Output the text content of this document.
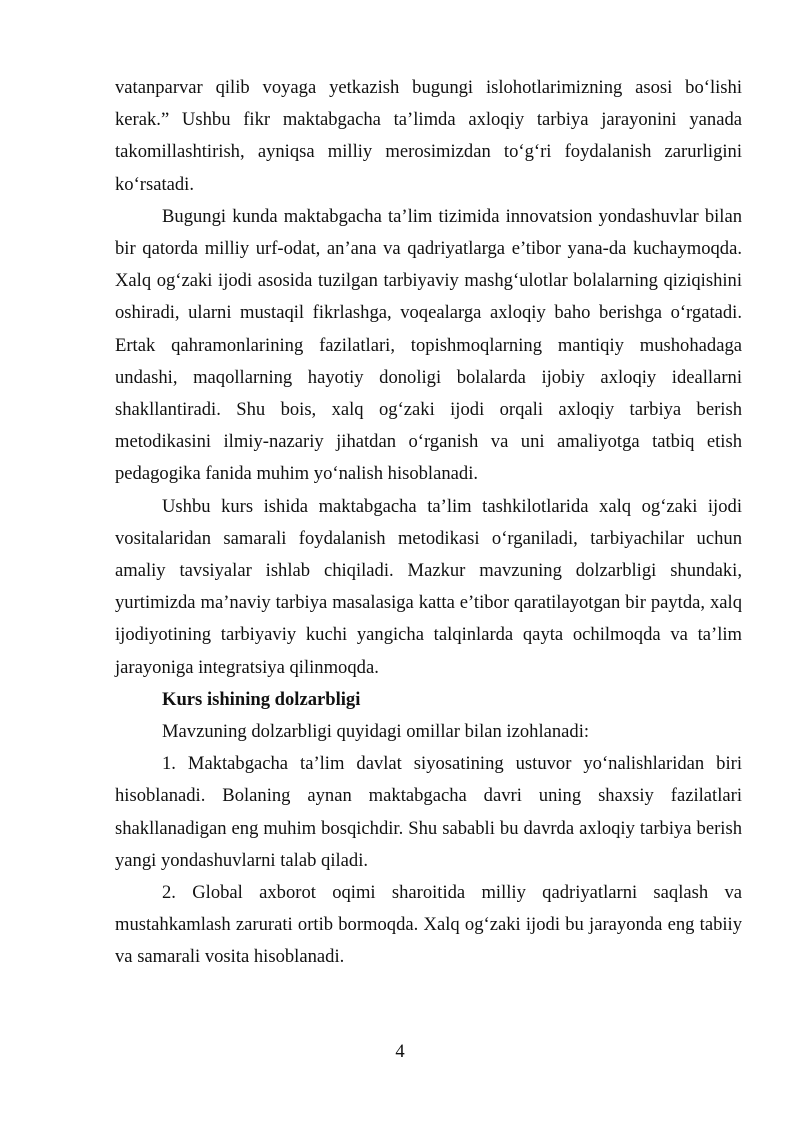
vatanparvar qilib voyaga yetkazish bugungi islohotlarimizning asosi bo‘lishi kerak.” Ushbu fikr maktabgacha ta’limda axloqiy tarbiya jarayonini yanada takomillashtirish, ayniqsa milliy merosimizdan to‘g‘ri foydalanish zarurligini ko‘rsatadi.

Bugungi kunda maktabgacha ta’lim tizimida innovatsion yondashuvlar bilan bir qatorda milliy urf-odat, an’ana va qadriyatlarga e’tibor yana-da kuchaymoqda. Xalq og‘zaki ijodi asosida tuzilgan tarbiyaviy mashg‘ulotlar bolalarning qiziqishini oshiradi, ularni mustaqil fikrlashga, voqealarga axloqiy baho berishga o‘rgatadi. Ertak qahramonlarining fazilatlari, topishmoqlarning mantiqiy mushohadaga undashi, maqollarning hayotiy donoligi bolalarda ijobiy axloqiy ideallarni shakllantiradi. Shu bois, xalq og‘zaki ijodi orqali axloqiy tarbiya berish metodikasini ilmiy-nazariy jihatdan o‘rganish va uni amaliyotga tatbiq etish pedagogika fanida muhim yo‘nalish hisoblanadi.

Ushbu kurs ishida maktabgacha ta’lim tashkilotlarida xalq og‘zaki ijodi vositalaridan samarali foydalanish metodikasi o‘rganiladi, tarbiyachilar uchun amaliy tavsiyalar ishlab chiqiladi. Mazkur mavzuning dolzarbligi shundaki, yurtimizda ma’naviy tarbiya masalasiga katta e’tibor qaratilayotgan bir paytda, xalq ijodiyotining tarbiyaviy kuchi yangicha talqinlarda qayta ochilmoqda va ta’lim jarayoniga integratsiya qilinmoqda.

Kurs ishining dolzarbligi

Mavzuning dolzarbligi quyidagi omillar bilan izohlanadi:

1. Maktabgacha ta’lim davlat siyosatining ustuvor yo‘nalishlaridan biri hisoblanadi. Bolaning aynan maktabgacha davri uning shaxsiy fazilatlari shakllanadigan eng muhim bosqichdir. Shu sababli bu davrda axloqiy tarbiya berish yangi yondashuvlarni talab qiladi.

2. Global axborot oqimi sharoitida milliy qadriyatlarni saqlash va mustahkamlash zarurati ortib bormoqda. Xalq og‘zaki ijodi bu jarayonda eng tabiiy va samarali vosita hisoblanadi.

4
